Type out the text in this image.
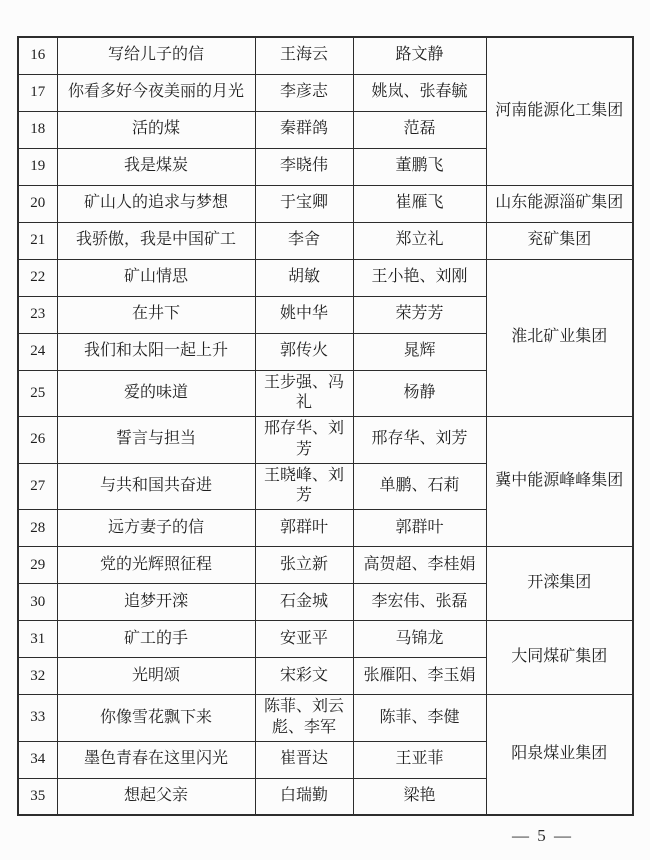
16	写给儿子的信	王海云	路文静	河南能源化工集团
17	你看多好今夜美丽的月光	李彦志	姚岚、张春毓	
18	活的煤	秦群鸽	范磊	
19	我是煤炭	李晓伟	董鹏飞	
20	矿山人的追求与梦想	于宝卿	崔雁飞	山东能源淄矿集团
21	我骄傲，我是中国矿工	李舍	郑立礼	兖矿集团
22	矿山情思	胡敏	王小艳、刘刚	淮北矿业集团
23	在井下	姚中华	荣芳芳	
24	我们和太阳一起上升	郭传火	晁辉	
25	爱的味道	王步强、冯礼	杨静	
26	誓言与担当	邢存华、刘芳	邢存华、刘芳	冀中能源峰峰集团
27	与共和国共奋进	王晓峰、刘芳	单鹏、石莉	
28	远方妻子的信	郭群叶	郭群叶	
29	党的光辉照征程	张立新	高贺超、李桂娟	开滦集团
30	追梦开滦	石金城	李宏伟、张磊	
31	矿工的手	安亚平	马锦龙	大同煤矿集团
32	光明颂	宋彩文	张雁阳、李玉娟	
33	你像雪花飘下来	陈菲、刘云彪、李军	陈菲、李健	阳泉煤业集团
34	墨色青春在这里闪光	崔晋达	王亚菲	
35	想起父亲	白瑞勤	梁艳	
— 5 —
